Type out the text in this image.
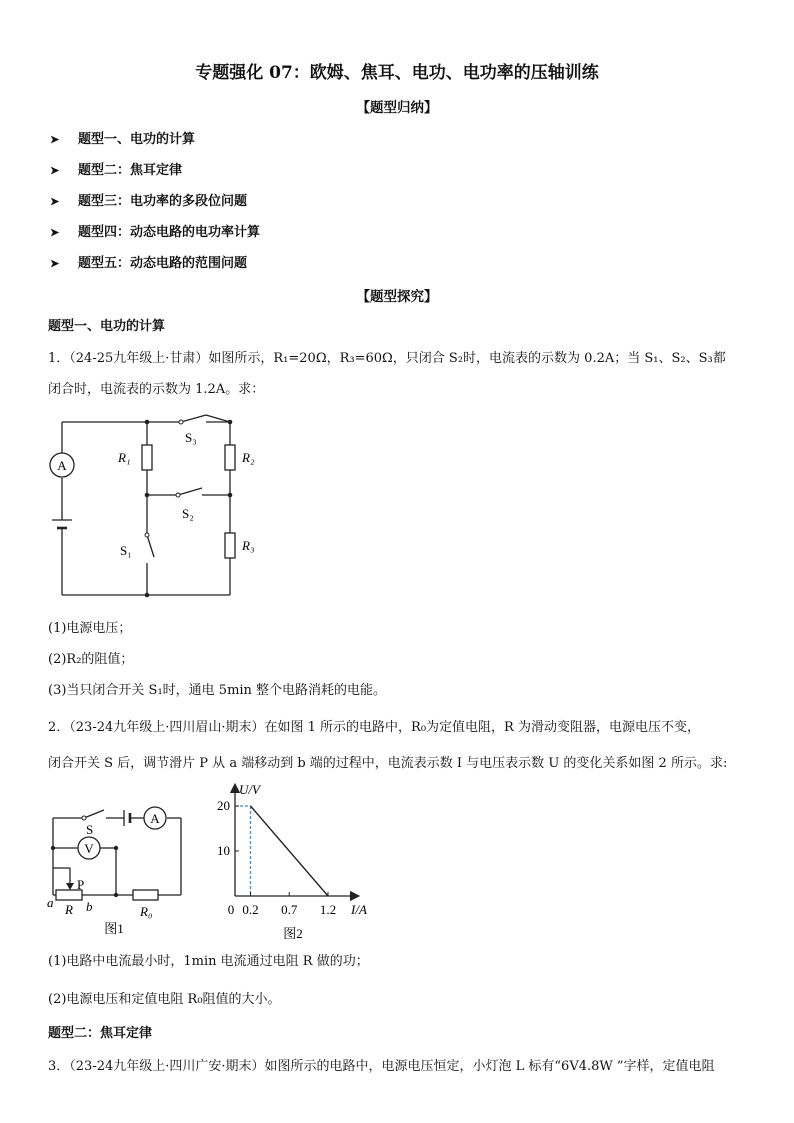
专题强化 07：欧姆、焦耳、电功、电功率的压轴训练
【题型归纳】
➤ 题型一、电功的计算
➤ 题型二：焦耳定律
➤ 题型三：电功率的多段位问题
➤ 题型四：动态电路的电功率计算
➤ 题型五：动态电路的范围问题
【题型探究】
题型一、电功的计算
1．（24-25九年级上·甘肃）如图所示，R₁=20Ω，R₃=60Ω，只闭合 S₂时，电流表的示数为 0.2A；当 S₁、S₂、S₃都
闭合时，电流表的示数为 1.2A。求：
A
R₁	R₂
R₃
S₃
S₂
S₁
(1)电源电压；
(2)R₂的阻值；
(3)当只闭合开关 S₁时，通电 5min 整个电路消耗的电能。
2．（23-24九年级上·四川眉山·期末）在如图 1 所示的电路中，R₀为定值电阻，R 为滑动变阻器，电源电压不变，
闭合开关 S 后，调节滑片 P 从 a 端移动到 b 端的过程中，电流表示数 I 与电压表示数 U 的变化关系如图 2 所示。求:
A
V
S
P
a	b
R	R₀
图1
10
20
0.2 0.7 1.2
U/V
I/A
0
图2
(1)电路中电流最小时，1min 电流通过电阻 R 做的功；
(2)电源电压和定值电阻 R₀阻值的大小。
题型二：焦耳定律
3．（23-24九年级上·四川广安·期末）如图所示的电路中，电源电压恒定，小灯泡 L 标有“6V4.8W ”字样，定值电阻
